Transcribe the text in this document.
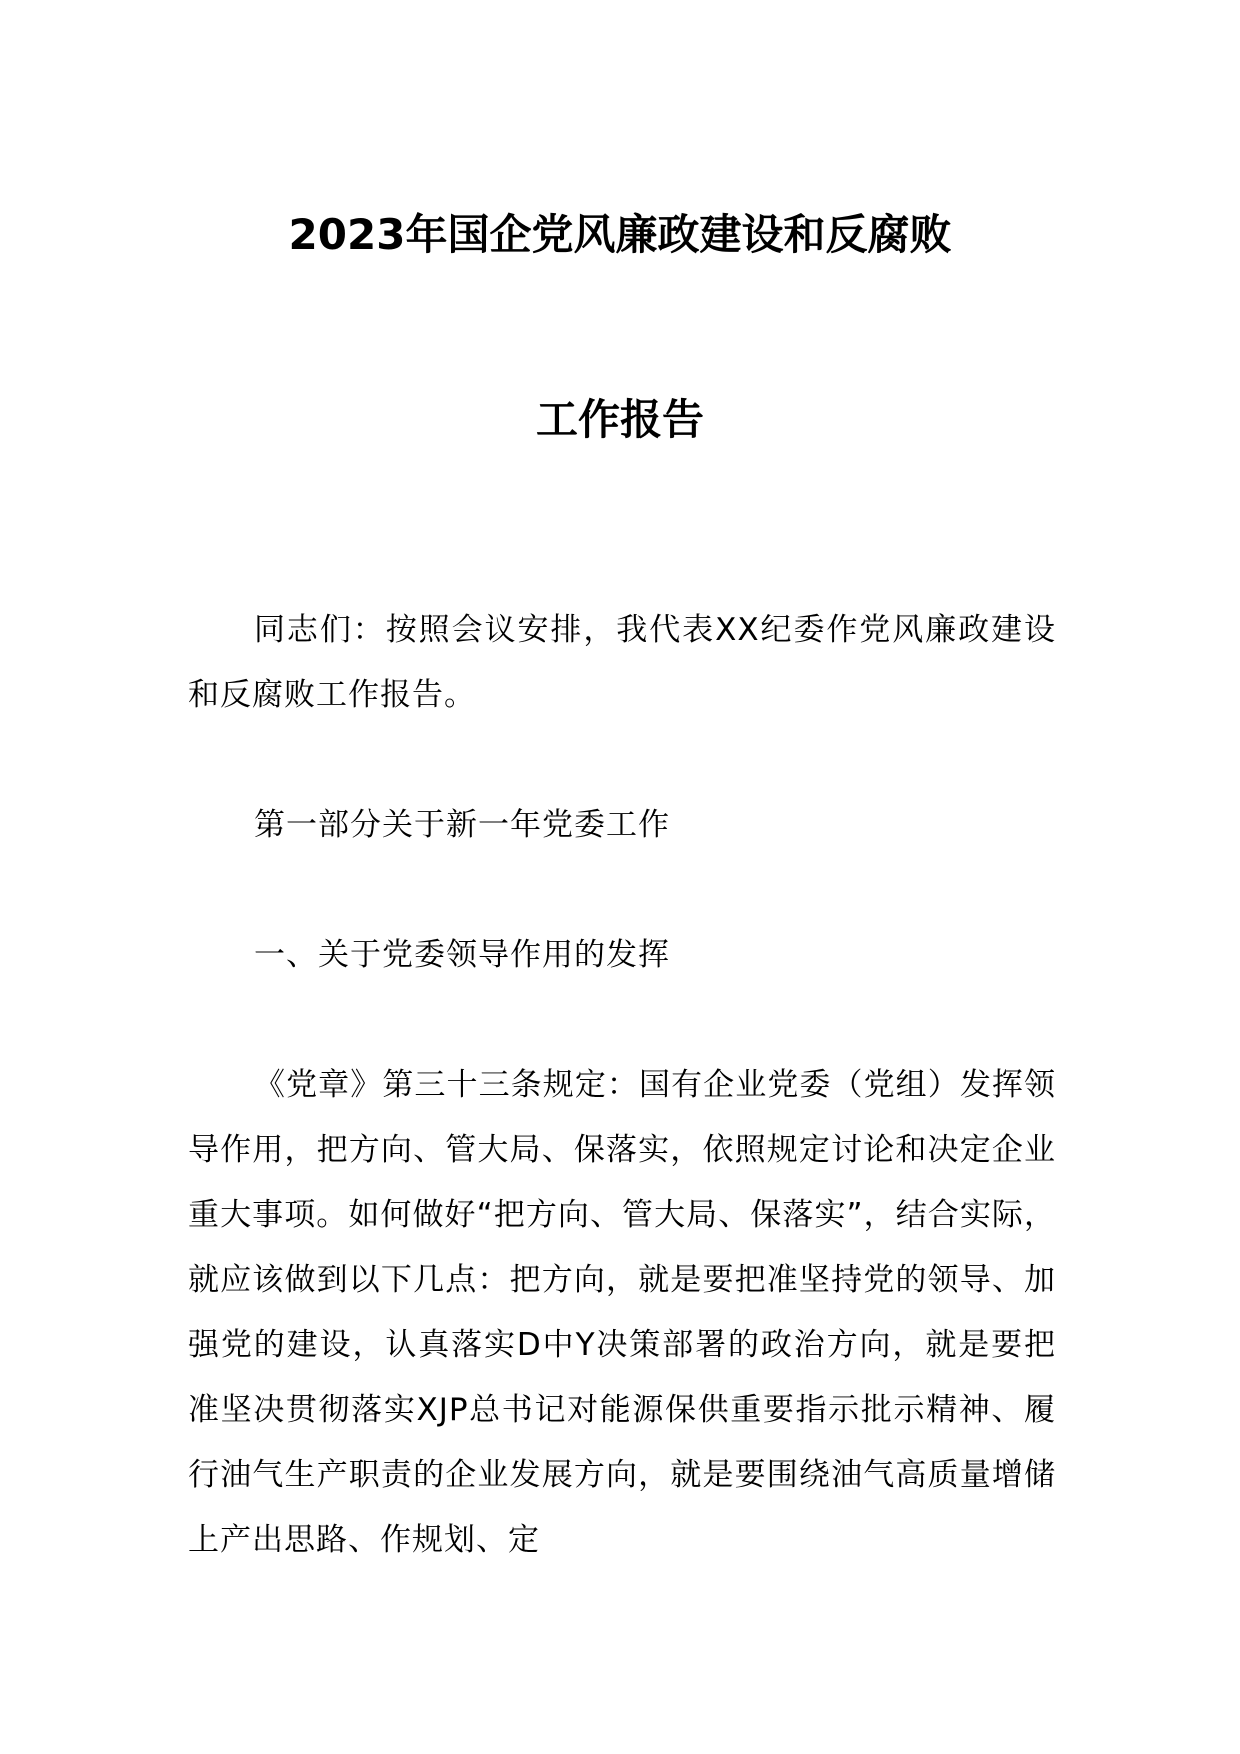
2023年国企党风廉政建设和反腐败
工作报告

同志们：按照会议安排，我代表XX纪委作党风廉政建设和反腐败工作报告。

第一部分关于新一年党委工作

一、关于党委领导作用的发挥

《党章》第三十三条规定：国有企业党委（党组）发挥领导作用，把方向、管大局、保落实，依照规定讨论和决定企业重大事项。如何做好“把方向、管大局、保落实”，结合实际，就应该做到以下几点：把方向，就是要把准坚持党的领导、加强党的建设，认真落实D中Y决策部署的政治方向，就是要把准坚决贯彻落实XJP总书记对能源保供重要指示批示精神、履行油气生产职责的企业发展方向，就是要围绕油气高质量增储上产出思路、作规划、定
